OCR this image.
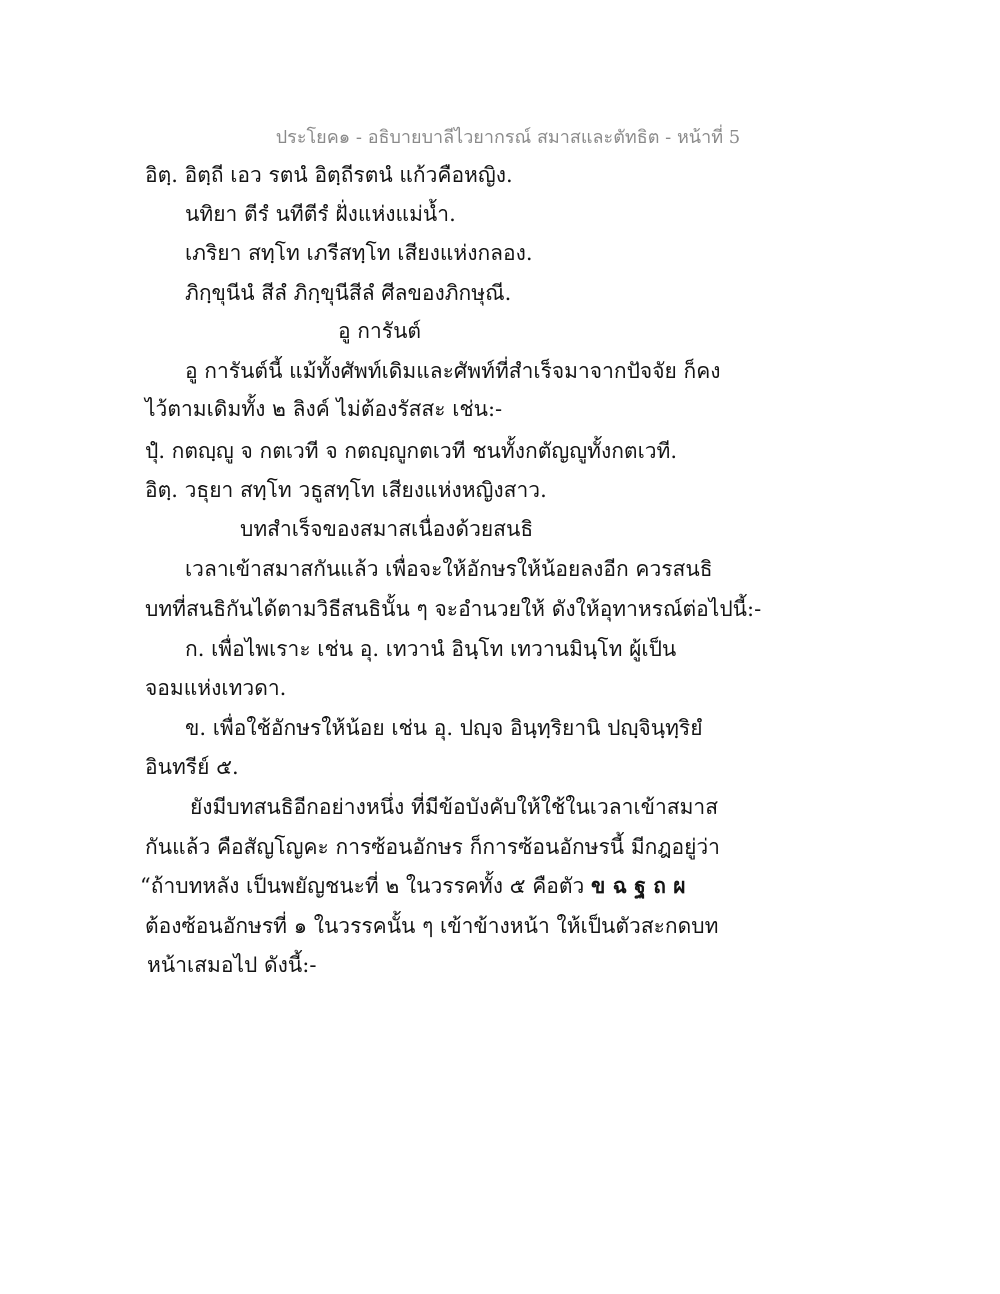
ประโยค๑ - อธิบายบาลีไวยากรณ์ สมาสและตัทธิต - หน้าที่ 5
อิตฺ. อิตฺถี เอว รตนํ อิตฺถีรตนํ แก้วคือหญิง.
นทิยา ตีรํ นทีตีรํ ฝั่งแห่งแม่น้ำ.
เภริยา สทฺโท เภรีสทฺโท เสียงแห่งกลอง.
ภิกฺขุนีนํ สีลํ ภิกฺขุนีสีลํ ศีลของภิกษุณี.
อู การันต์
อู การันต์นี้ แม้ทั้งศัพท์เดิมและศัพท์ที่สำเร็จมาจากปัจจัย ก็คง
ไว้ตามเดิมทั้ง ๒ ลิงค์ ไม่ต้องรัสสะ เช่น:-
ปุํ. กตญฺญู จ กตเวที จ กตญฺญูกตเวที ชนทั้งกตัญญูทั้งกตเวที.
อิตฺ. วธุยา สทฺโท วธูสทฺโท เสียงแห่งหญิงสาว.
บทสำเร็จของสมาสเนื่องด้วยสนธิ
เวลาเข้าสมาสกันแล้ว เพื่อจะให้อักษรให้น้อยลงอีก ควรสนธิ
บทที่สนธิกันได้ตามวิธีสนธินั้น ๆ จะอำนวยให้ ดังให้อุทาหรณ์ต่อไปนี้:-
ก. เพื่อไพเราะ เช่น อุ. เทวานํ อินฺโท เทวานมินฺโท ผู้เป็น
จอมแห่งเทวดา.
ข. เพื่อใช้อักษรให้น้อย เช่น อุ. ปญฺจ อินฺทฺริยานิ ปญฺจินฺทฺริยํ
อินทรีย์ ๕.
ยังมีบทสนธิอีกอย่างหนึ่ง ที่มีข้อบังคับให้ใช้ในเวลาเข้าสมาส
กันแล้ว คือสัญโญคะ การซ้อนอักษร ก็การซ้อนอักษรนี้ มีกฎอยู่ว่า
“ถ้าบทหลัง เป็นพยัญชนะที่ ๒ ในวรรคทั้ง ๕ คือตัว ข ฉ ฐ ถ ผ
ต้องซ้อนอักษรที่ ๑ ในวรรคนั้น ๆ เข้าข้างหน้า ให้เป็นตัวสะกดบท
หน้าเสมอไป ดังนี้:-
